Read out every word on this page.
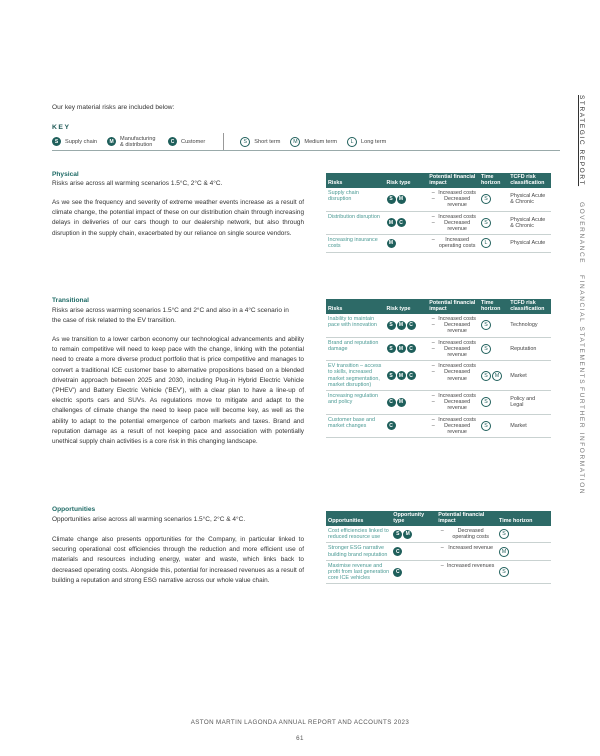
Our key material risks are included below:
KEY
S	Supply chain	M	Manufacturing & distribution	C	Customer	S	Short term	M	Medium term	L	Long term
Physical
Risks arise across all warming scenarios 1.5°C, 2°C & 4°C.
As we see the frequency and severity of extreme weather events increase as a result of climate change, the potential impact of these on our distribution chain through increasing delays in deliveries of our cars though to our dealership network, but also through disruption in the supply chain, exacerbated by our reliance on single source vendors.
Risks	Risk type	Potential financial impact	Time horizon	TCFD risk classification
Supply chain disruption	S M	– Increased costs
– Decreased revenue	S	Physical Acute & Chronic
Distribution disruption	M C	– Increased costs
– Decreased revenue	S	Physical Acute & Chronic
Increasing insurance costs	M	– Increased operating costs	L	Physical Acute
Transitional
Risks arise across warming scenarios 1.5°C and 2°C and also in a 4°C scenario in the case of risk related to the EV transition.
As we transition to a lower carbon economy our technological advancements and ability to remain competitive will need to keep pace with the change, linking with the potential need to create a more diverse product portfolio that is price competitive and manages to convert a traditional ICE customer base to alternative propositions based on a blended drivetrain approach between 2025 and 2030, including Plug-in Hybrid Electric Vehicle ('PHEV') and Battery Electric Vehicle ('BEV'), with a clear plan to have a line-up of electric sports cars and SUVs. As regulations move to mitigate and adapt to the challenges of climate change the need to keep pace will become key, as well as the ability to adapt to the potential emergence of carbon markets and taxes. Brand and reputation damage as a result of not keeping pace and association with potentially unethical supply chain activities is a core risk in this changing landscape.
Risks	Risk type	Potential financial impact	Time horizon	TCFD risk classification
Inability to maintain pace with innovation	S M C	– Increased costs
– Decreased revenue	S	Technology
Brand and reputation damage	S M C	– Increased costs
– Decreased revenue	S	Reputation
EV transition – access to skills, increased market segmentation, market disruption)	S M C	– Increased costs
– Decreased revenue	S M	Market
Increasing regulation and policy	C M	– Increased costs
– Decreased revenue	S	Policy and Legal
Customer base and market changes	C	– Increased costs
– Decreased revenue	S	Market
Opportunities
Opportunities arise across all warming scenarios 1.5°C, 2°C & 4°C.
Climate change also presents opportunities for the Company, in particular linked to securing operational cost efficiencies through the reduction and more efficient use of materials and resources including energy, water and waste, which links back to decreased operating costs. Alongside this, potential for increased revenues as a result of building a reputation and strong ESG narrative across our whole value chain.
Opportunities	Opportunity type	Potential financial impact	Time horizon
Cost efficiencies linked to reduced resource use	S M	– Decreased operating costs	S
Stronger ESG narrative building brand reputation	C	– Increased revenue	M
Maximise revenue and profit from last generation core ICE vehicles	C	– Increased revenues	S
STRATEGIC REPORT
GOVERNANCE
FINANCIAL STATEMENTS
FURTHER INFORMATION
ASTON MARTIN LAGONDA ANNUAL REPORT AND ACCOUNTS 2023
61
